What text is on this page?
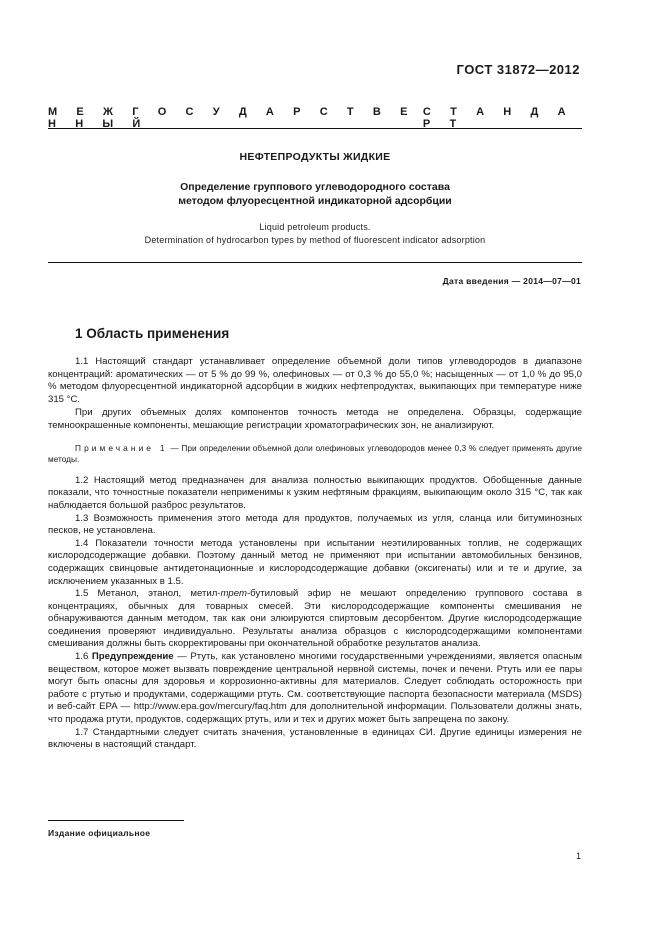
ГОСТ 31872—2012
М Е Ж Г О С У Д А Р С Т В Е Н Н Ы Й
С Т А Н Д А Р Т
НЕФТЕПРОДУКТЫ ЖИДКИЕ
Определение группового углеводородного состава
методом флуоресцентной индикаторной адсорбции
Liquid petroleum products.
Determination of hydrocarbon types by method of fluorescent indicator adsorption
Дата введения — 2014—07—01
1 Область применения

1.1 Настоящий стандарт устанавливает определение объемной доли типов углеводородов в диапазоне концентраций: ароматических — от 5 % до 99 %, олефиновых — от 0,3 % до 55,0 %; насыщенных — от 1,0 % до 95,0 % методом флуоресцентной индикаторной адсорбции в жидких нефтепродуктах, выкипающих при температуре ниже 315 °С.

При других объемных долях компонентов точность метода не определена. Образцы, содержащие темноокрашенные компоненты, мешающие регистрации хроматографических зон, не анализируют.

Примечание 1 — При определении объемной доли олефиновых углеводородов менее 0,3 % следует применять другие методы.

1.2 Настоящий метод предназначен для анализа полностью выкипающих продуктов. Обобщенные данные показали, что точностные показатели неприменимы к узким нефтяным фракциям, выкипающим около 315 °С, так как наблюдается большой разброс результатов.

1.3 Возможность применения этого метода для продуктов, получаемых из угля, сланца или битуминозных песков, не установлена.

1.4 Показатели точности метода установлены при испытании неэтилированных топлив, не содержащих кислородсодержащие добавки. Поэтому данный метод не применяют при испытании автомобильных бензинов, содержащих свинцовые антидетонационные и кислородсодержащие добавки (оксигенаты) или и те и другие, за исключением указанных в 1.5.

1.5 Метанол, этанол, метил-трет-бутиловый эфир не мешают определению группового состава в концентрациях, обычных для товарных смесей. Эти кислородсодержащие компоненты смешивания не обнаруживаются данным методом, так как они элюируются спиртовым десорбентом. Другие кислородсодержащие соединения проверяют индивидуально. Результаты анализа образцов с кислородсодержащими компонентами смешивания должны быть скорректированы при окончательной обработке результатов анализа.

1.6 Предупреждение — Ртуть, как установлено многими государственными учреждениями, является опасным веществом, которое может вызвать повреждение центральной нервной системы, почек и печени. Ртуть или ее пары могут быть опасны для здоровья и коррозионно-активны для материалов. Следует соблюдать осторожность при работе с ртутью и продуктами, содержащими ртуть. См. соответствующие паспорта безопасности материала (MSDS) и веб-сайт EPA — http://www.epa.gov/mercury/faq.htm для дополнительной информации. Пользователи должны знать, что продажа ртути, продуктов, содержащих ртуть, или и тех и других может быть запрещена по закону.

1.7 Стандартными следует считать значения, установленные в единицах СИ. Другие единицы измерения не включены в настоящий стандарт.

Издание официальное
1
